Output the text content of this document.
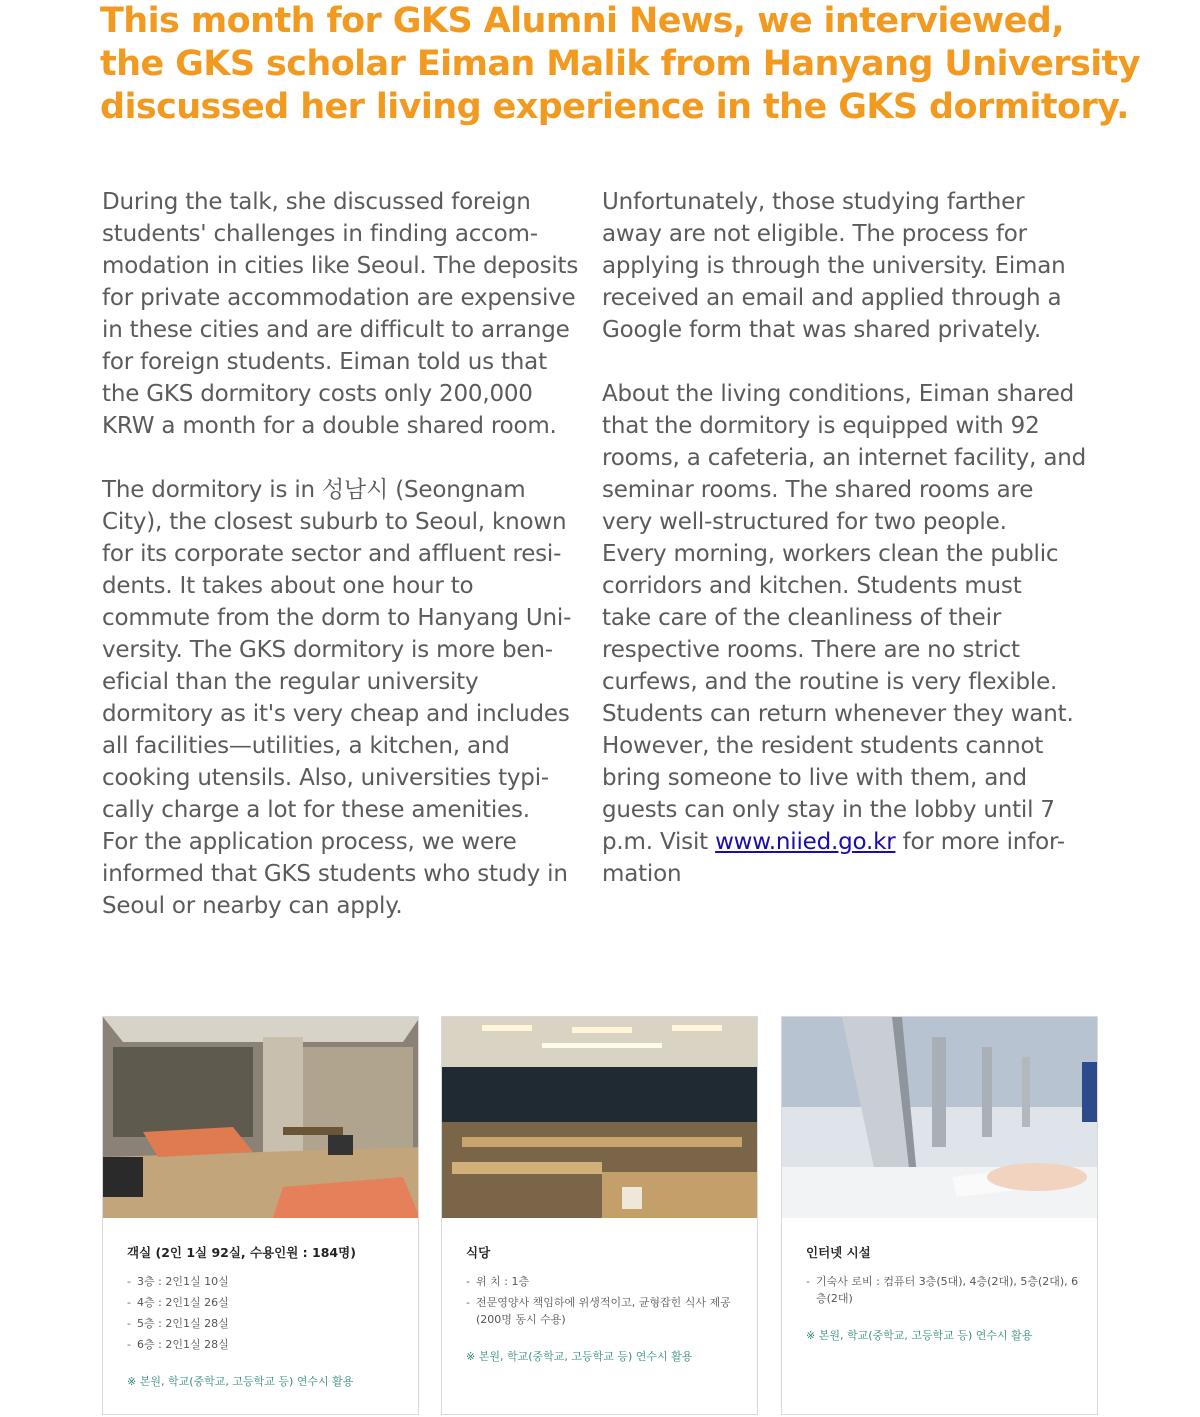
This month for GKS Alumni News, we interviewed,
the GKS scholar Eiman Malik from Hanyang University
discussed her living experience in the GKS dormitory.

During the talk, she discussed foreign
students' challenges in finding accom-
modation in cities like Seoul. The deposits
for private accommodation are expensive
in these cities and are difficult to arrange
for foreign students. Eiman told us that
the GKS dormitory costs only 200,000
KRW a month for a double shared room.

The dormitory is in 성남시 (Seongnam
City), the closest suburb to Seoul, known
for its corporate sector and affluent resi-
dents. It takes about one hour to
commute from the dorm to Hanyang Uni-
versity. The GKS dormitory is more ben-
eficial than the regular university
dormitory as it's very cheap and includes
all facilities—utilities, a kitchen, and
cooking utensils. Also, universities typi-
cally charge a lot for these amenities.
For the application process, we were
informed that GKS students who study in
Seoul or nearby can apply.

Unfortunately, those studying farther
away are not eligible. The process for
applying is through the university. Eiman
received an email and applied through a
Google form that was shared privately.

About the living conditions, Eiman shared
that the dormitory is equipped with 92
rooms, a cafeteria, an internet facility, and
seminar rooms. The shared rooms are
very well-structured for two people.
Every morning, workers clean the public
corridors and kitchen. Students must
take care of the cleanliness of their
respective rooms. There are no strict
curfews, and the routine is very flexible.
Students can return whenever they want.
However, the resident students cannot
bring someone to live with them, and
guests can only stay in the lobby until 7
p.m. Visit www.niied.go.kr for more infor-
mation

객실 (2인 1실 92실, 수용인원 : 184명)
- 3층 : 2인1실 10실
- 4층 : 2인1실 26실
- 5층 : 2인1실 28실
- 6층 : 2인1실 28실
※ 본원, 학교(중학교, 고등학교 등) 연수시 활용
식당
- 위 치 : 1층
- 전문영양사 책임하에 위생적이고, 균형잡힌 식사 제공 (200명 동시 수용)
※ 본원, 학교(중학교, 고등학교 등) 연수시 활용
인터넷 시설
- 기숙사 로비 : 컴퓨터 3층(5대), 4층(2대), 5층(2대), 6층(2대)
※ 본원, 학교(중학교, 고등학교 등) 연수시 활용
